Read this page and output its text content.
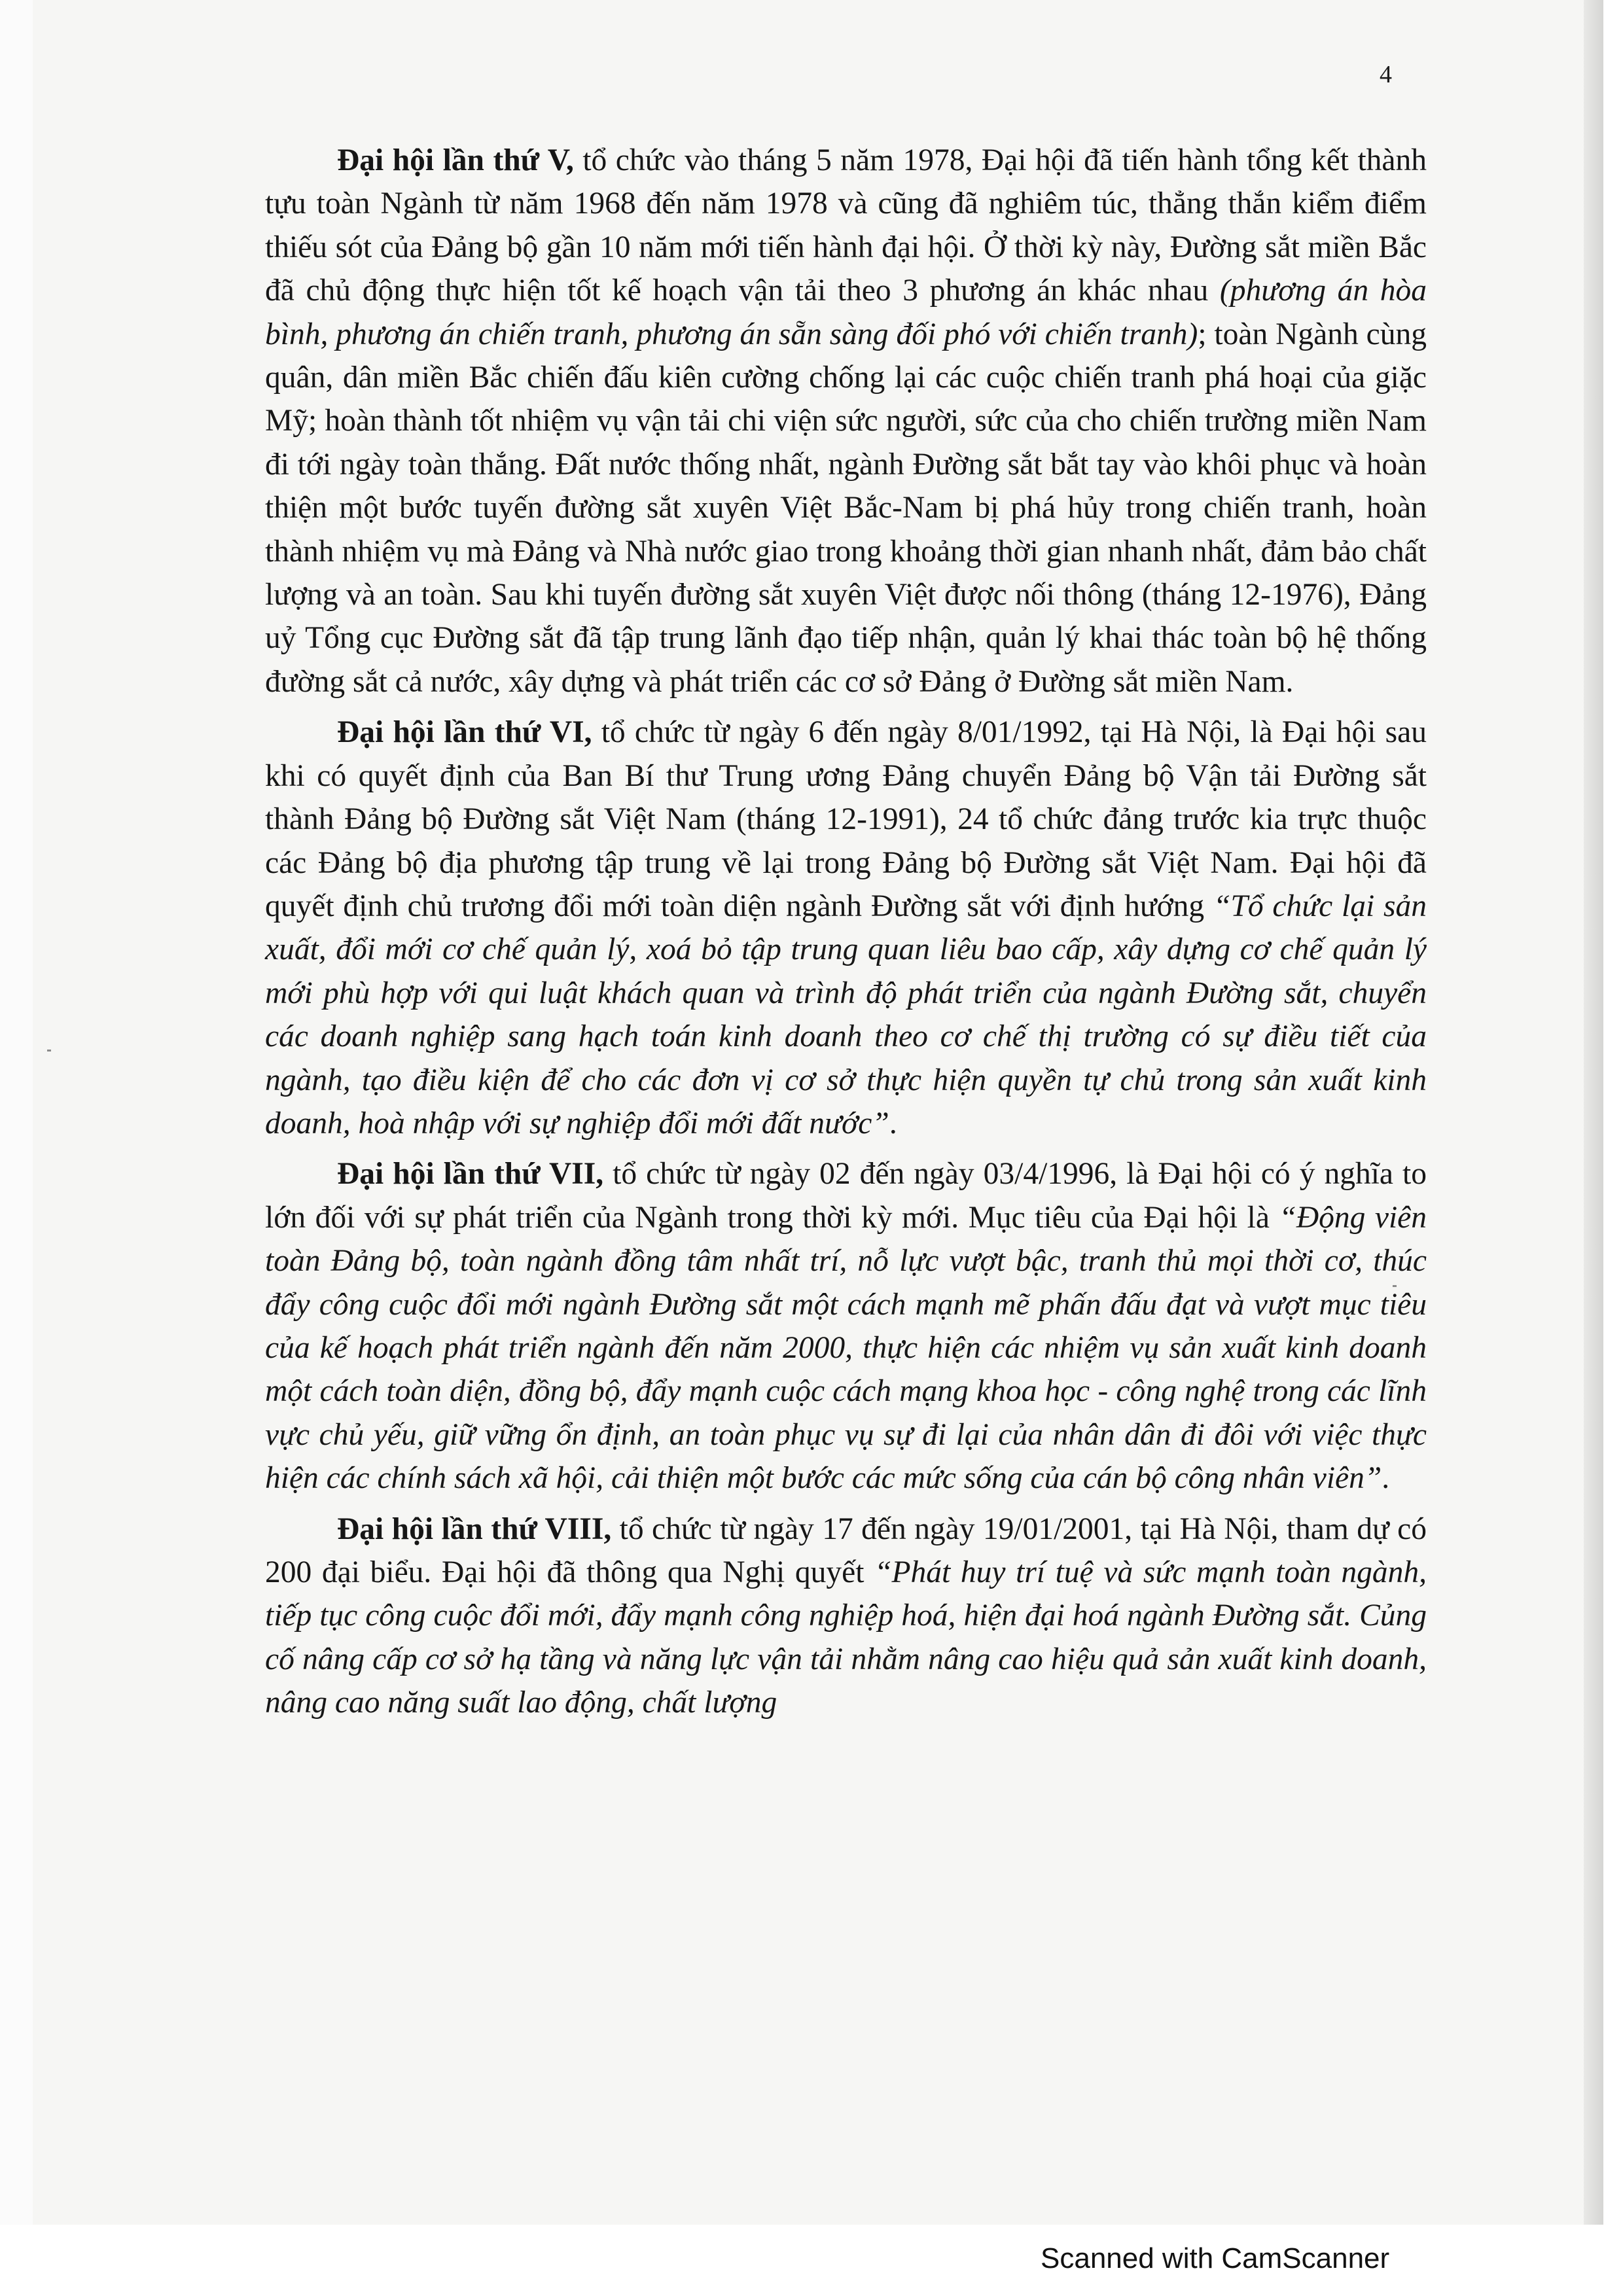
4

Đại hội lần thứ V, tổ chức vào tháng 5 năm 1978, Đại hội đã tiến hành tổng kết thành tựu toàn Ngành từ năm 1968 đến năm 1978 và cũng đã nghiêm túc, thẳng thắn kiểm điểm thiếu sót của Đảng bộ gần 10 năm mới tiến hành đại hội. Ở thời kỳ này, Đường sắt miền Bắc đã chủ động thực hiện tốt kế hoạch vận tải theo 3 phương án khác nhau (phương án hòa bình, phương án chiến tranh, phương án sẵn sàng đối phó với chiến tranh); toàn Ngành cùng quân, dân miền Bắc chiến đấu kiên cường chống lại các cuộc chiến tranh phá hoại của giặc Mỹ; hoàn thành tốt nhiệm vụ vận tải chi viện sức người, sức của cho chiến trường miền Nam đi tới ngày toàn thắng. Đất nước thống nhất, ngành Đường sắt bắt tay vào khôi phục và hoàn thiện một bước tuyến đường sắt xuyên Việt Bắc-Nam bị phá hủy trong chiến tranh, hoàn thành nhiệm vụ mà Đảng và Nhà nước giao trong khoảng thời gian nhanh nhất, đảm bảo chất lượng và an toàn. Sau khi tuyến đường sắt xuyên Việt được nối thông (tháng 12-1976), Đảng uỷ Tổng cục Đường sắt đã tập trung lãnh đạo tiếp nhận, quản lý khai thác toàn bộ hệ thống đường sắt cả nước, xây dựng và phát triển các cơ sở Đảng ở Đường sắt miền Nam.

Đại hội lần thứ VI, tổ chức từ ngày 6 đến ngày 8/01/1992, tại Hà Nội, là Đại hội sau khi có quyết định của Ban Bí thư Trung ương Đảng chuyển Đảng bộ Vận tải Đường sắt thành Đảng bộ Đường sắt Việt Nam (tháng 12-1991), 24 tổ chức đảng trước kia trực thuộc các Đảng bộ địa phương tập trung về lại trong Đảng bộ Đường sắt Việt Nam. Đại hội đã quyết định chủ trương đổi mới toàn diện ngành Đường sắt với định hướng “Tổ chức lại sản xuất, đổi mới cơ chế quản lý, xoá bỏ tập trung quan liêu bao cấp, xây dựng cơ chế quản lý mới phù hợp với qui luật khách quan và trình độ phát triển của ngành Đường sắt, chuyển các doanh nghiệp sang hạch toán kinh doanh theo cơ chế thị trường có sự điều tiết của ngành, tạo điều kiện để cho các đơn vị cơ sở thực hiện quyền tự chủ trong sản xuất kinh doanh, hoà nhập với sự nghiệp đổi mới đất nước”.

Đại hội lần thứ VII, tổ chức từ ngày 02 đến ngày 03/4/1996, là Đại hội có ý nghĩa to lớn đối với sự phát triển của Ngành trong thời kỳ mới. Mục tiêu của Đại hội là “Động viên toàn Đảng bộ, toàn ngành đồng tâm nhất trí, nỗ lực vượt bậc, tranh thủ mọi thời cơ, thúc đẩy công cuộc đổi mới ngành Đường sắt một cách mạnh mẽ phấn đấu đạt và vượt mục tiêu của kế hoạch phát triển ngành đến năm 2000, thực hiện các nhiệm vụ sản xuất kinh doanh một cách toàn diện, đồng bộ, đẩy mạnh cuộc cách mạng khoa học - công nghệ trong các lĩnh vực chủ yếu, giữ vững ổn định, an toàn phục vụ sự đi lại của nhân dân đi đôi với việc thực hiện các chính sách xã hội, cải thiện một bước các mức sống của cán bộ công nhân viên”.

Đại hội lần thứ VIII, tổ chức từ ngày 17 đến ngày 19/01/2001, tại Hà Nội, tham dự có 200 đại biểu. Đại hội đã thông qua Nghị quyết “Phát huy trí tuệ và sức mạnh toàn ngành, tiếp tục công cuộc đổi mới, đẩy mạnh công nghiệp hoá, hiện đại hoá ngành Đường sắt. Củng cố nâng cấp cơ sở hạ tầng và năng lực vận tải nhằm nâng cao hiệu quả sản xuất kinh doanh, nâng cao năng suất lao động, chất lượng

Scanned with CamScanner
